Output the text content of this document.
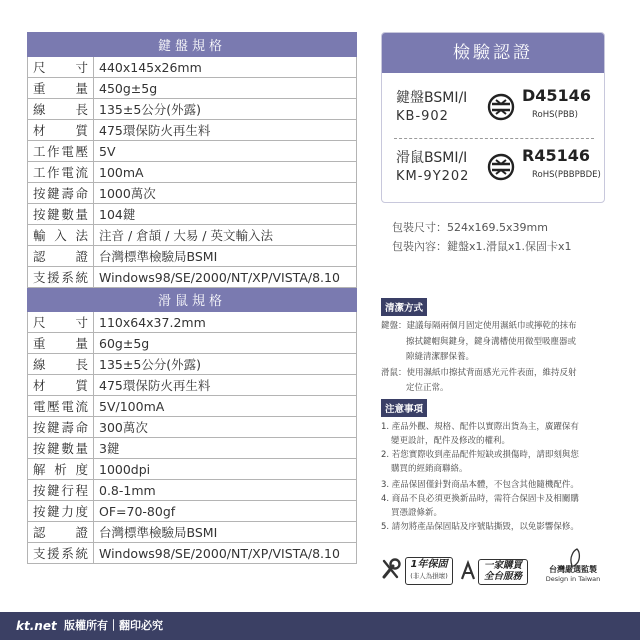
鍵盤規格	
尺寸	440x145x26mm
重量	450g±5g
線長	135±5公分(外露)
材質	475環保防火再生料
工作電壓	5V
工作電流	100mA
按鍵壽命	1000萬次
按鍵數量	104鍵
輸入法	注音 / 倉頡 / 大易 / 英文輸入法
認證	台灣標準檢驗局BSMI
支援系統	Windows98/SE/2000/NT/XP/VISTA/8.10
滑鼠規格	
尺寸	110x64x37.2mm
重量	60g±5g
線長	135±5公分(外露)
材質	475環保防火再生料
電壓電流	5V/100mA
按鍵壽命	300萬次
按鍵數量	3鍵
解析度	1000dpi
按鍵行程	0.8-1mm
按鍵力度	OF=70-80gf
認證	台灣標準檢驗局BSMI
支援系統	Windows98/SE/2000/NT/XP/VISTA/8.10
檢驗認證
鍵盤BSMI/I
KB-902
D45146
RoHS(PBB)
滑鼠BSMI/I
KM-9Y202
R45146
RoHS(PBBPBDE)
包裝尺寸：524x169.5x39mm
包裝內容：鍵盤x1.滑鼠x1.保固卡x1
清潔方式
鍵盤：建議每隔兩個月固定使用濕紙巾或擰乾的抹布
擦拭鍵帽與鍵身，鍵身溝槽使用微型吸塵器或
隙縫清潔膠保養。
滑鼠：使用濕紙巾擦拭背面感光元件表面，維持反射
定位正常。
注意事項
1. 產品外觀、規格、配件以實際出貨為主，廣躍保有
變更設計，配件及修改的權利。
2. 若您實際收到產品配件短缺或損傷時，請即刻與您
購買的經銷商聯絡。
3. 產品保固僅針對商品本體，不包含其他隨機配件。
4. 商品不良必須更換新品時，需符合保固卡及相關購
買憑證條新。
5. 請勿將產品保固貼及序號貼撕毀，以免影響保修。
1年保固
(非人為損壞)
一家購買
全台服務
台灣嚴選監製
Design in Taiwan
kt.net 版權所有｜翻印必究
